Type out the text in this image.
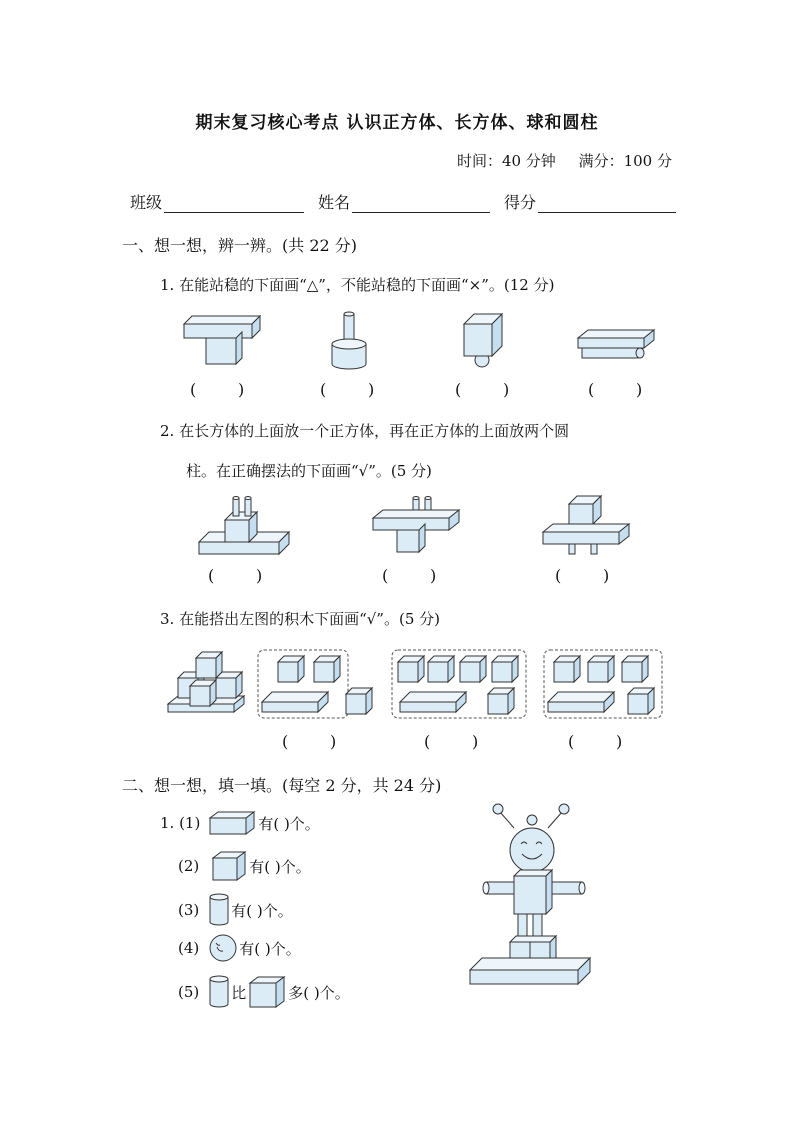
期末复习核心考点 认识正方体、长方体、球和圆柱
时间：40 分钟 满分：100 分
班级	姓名	得分
一、想一想，辨一辨。(共 22 分)
1. 在能站稳的下面画“△”，不能站稳的下面画“×”。(12 分)
(	)	(	)	(	)	(	)
2. 在长方体的上面放一个正方体，再在正方体的上面放两个圆
柱。在正确摆法的下面画“√”。(5 分)
(	)	(	)	(	)
3. 在能搭出左图的积木下面画“√”。(5 分)
(	)	(	)	(	)
二、想一想，填一填。(每空 2 分，共 24 分)
1. (1)	有( )个。
(2)	有( )个。
(3) 有( )个。
(4)	有( )个。
(5) 比	多( )个。
